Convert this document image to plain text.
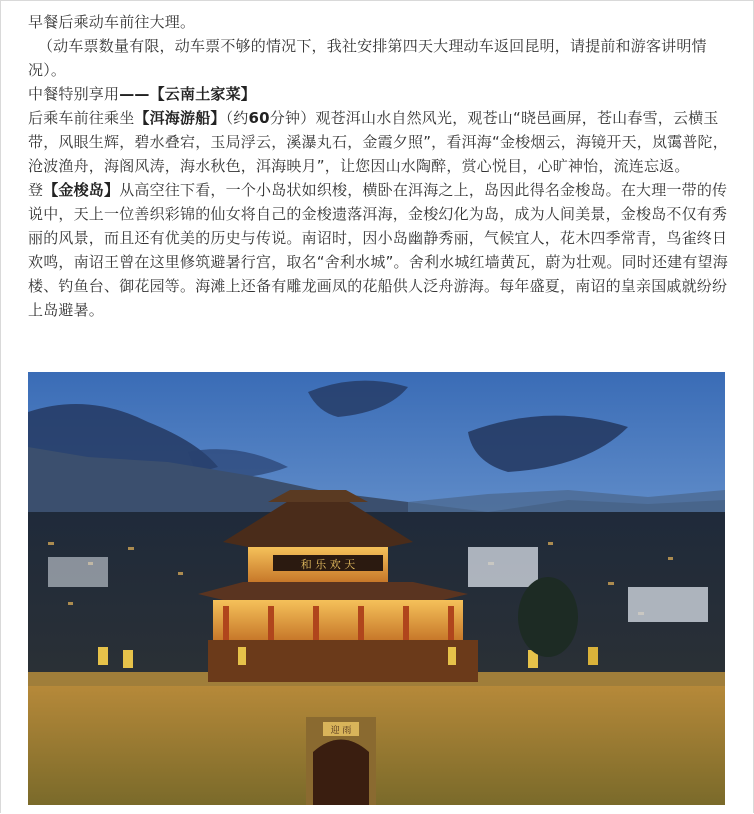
早餐后乘动车前往大理。

（动车票数量有限，动车票不够的情况下，我社安排第四天大理动车返回昆明，请提前和游客讲明情况）。

中餐特别享用——【云南土家菜】

后乘车前往乘坐【洱海游船】（约60分钟）观苍洱山水自然风光，观苍山“晓邑画屏，苍山春雪，云横玉带，风眼生辉，碧水叠宕，玉局浮云，溪瀑丸石，金霞夕照”，看洱海“金梭烟云，海镜开天，岚霭普陀，沧波渔舟，海阁风涛，海水秋色，洱海映月”，让您因山水陶醉，赏心悦目，心旷神怡，流连忘返。

登【金梭岛】从高空往下看，一个小岛状如织梭，横卧在洱海之上，岛因此得名金梭岛。在大理一带的传说中，天上一位善织彩锦的仙女将自己的金梭遗落洱海，金梭幻化为岛，成为人间美景，金梭岛不仅有秀丽的风景，而且还有优美的历史与传说。南诏时，因小岛幽静秀丽，气候宜人，花木四季常青，鸟雀终日欢鸣，南诏王曾在这里修筑避暑行宫，取名“舍利水城”。舍利水城红墙黄瓦，蔚为壮观。同时还建有望海楼、钓鱼台、御花园等。海滩上还备有雕龙画凤的花船供人泛舟游海。每年盛夏，南诏的皇亲国戚就纷纷上岛避暑。

迎 雨
和 乐 欢 天
